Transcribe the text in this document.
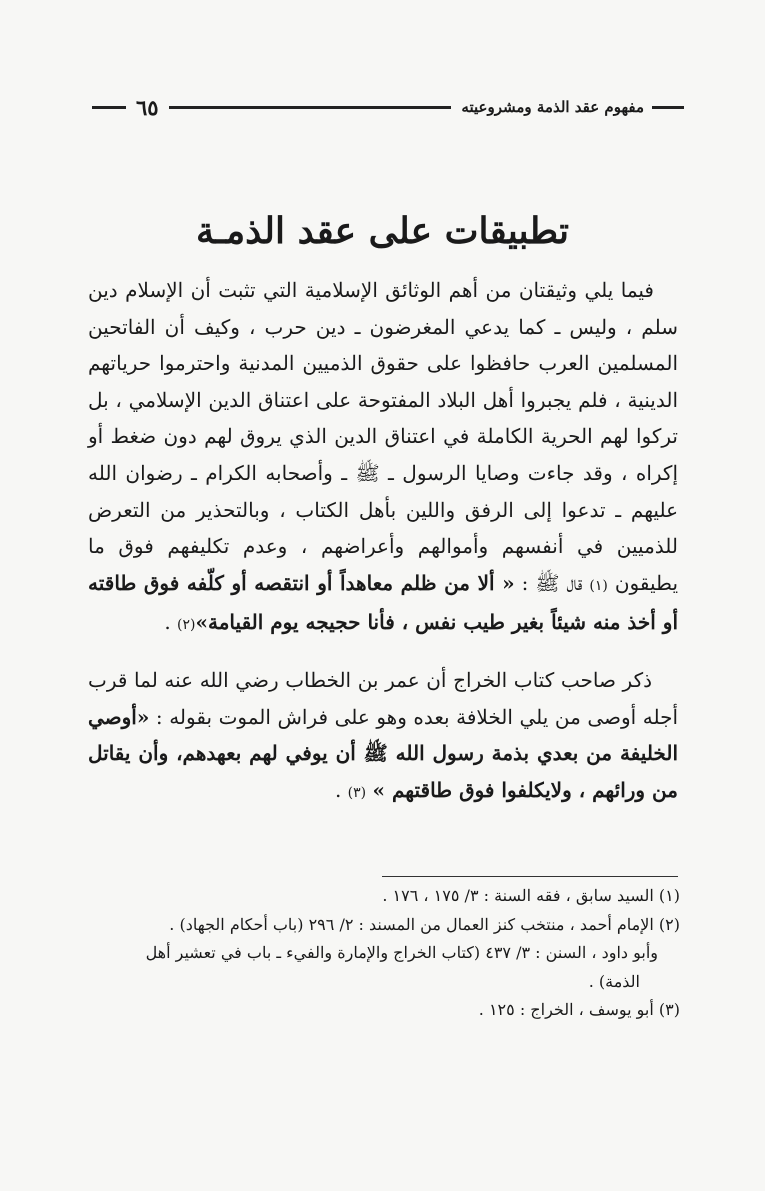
مفهوم عقد الذمة ومشروعيته
٦٥
تطبيقات على عقد الذمـة

فيما يلي وثيقتان من أهم الوثائق الإسلامية التي تثبت أن الإسلام دين سلم ، وليس ـ كما يدعي المغرضون ـ دين حرب ، وكيف أن الفاتحين المسلمين العرب حافظوا على حقوق الذميين المدنية واحترموا حرياتهم الدينية ، فلم يجبروا أهل البلاد المفتوحة على اعتناق الدين الإسلامي ، بل تركوا لهم الحرية الكاملة في اعتناق الدين الذي يروق لهم دون ضغط أو إكراه ، وقد جاءت وصايا الرسول ـ ﷺ ـ وأصحابه الكرام ـ رضوان الله عليهم ـ تدعوا إلى الرفق واللين بأهل الكتاب ، وبالتحذير من التعرض للذميين في أنفسهم وأموالهم وأعراضهم ، وعدم تكليفهم فوق ما يطيقون (١) قال ﷺ : « ألا من ظلم معاهداً أو انتقصه أو كلّفه فوق طاقته أو أخذ منه شيئاً بغير طيب نفس ، فأنا حجيجه يوم القيامة»(٢) .

ذكر صاحب كتاب الخراج أن عمر بن الخطاب رضي الله عنه لما قرب أجله أوصى من يلي الخلافة بعده وهو على فراش الموت بقوله : «أوصي الخليفة من بعدي بذمة رسول الله ﷺ أن يوفي لهم بعهدهم، وأن يقاتل من ورائهم ، ولايكلفوا فوق طاقتهم » (٣) .

(١) السيد سابق ، فقه السنة : ٣/ ١٧٥ ، ١٧٦ .
(٢) الإمام أحمد ، منتخب كنز العمال من المسند : ٢/ ٢٩٦ (باب أحكام الجهاد) .
وأبو داود ، السنن : ٣/ ٤٣٧ (كتاب الخراج والإمارة والفيء ـ باب في تعشير أهل
الذمة) .
(٣) أبو يوسف ، الخراج : ١٢٥ .
